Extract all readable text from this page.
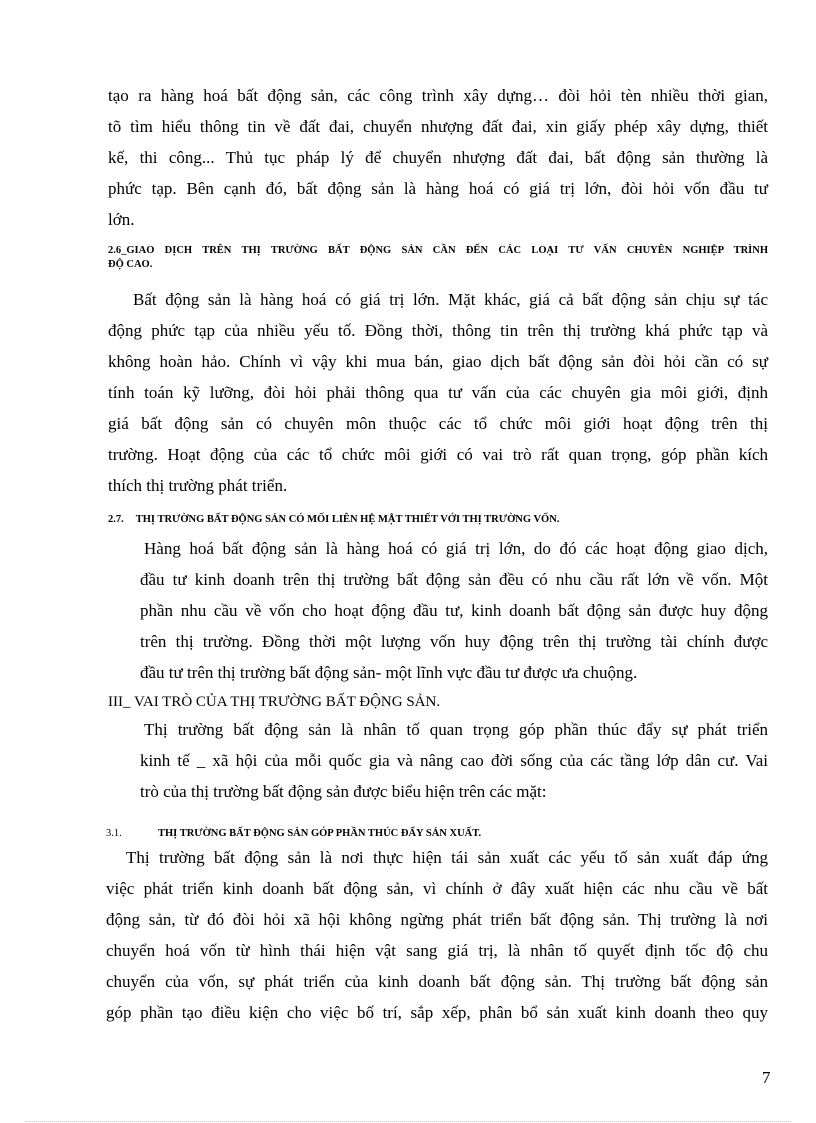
tạo ra hàng hoá bất động sản, các công trình xây dựng… đòi hỏi tèn nhiều thời gian,
tõ tìm hiểu thông tin về đất đai, chuyển nhượng đất đai, xin giấy phép xây dựng, thiết
kế, thi công... Thủ tục pháp lý để chuyển nhượng đất đai, bất động sản thường là
phức tạp. Bên cạnh đó, bất động sản là hàng hoá có giá trị lớn, đòi hỏi vốn đầu tư
lớn.
2.6_GIAO DỊCH TRÊN THỊ TRƯỜNG BẤT ĐỘNG SẢN CẦN ĐẾN CÁC LOẠI TƯ VẤN CHUYÊN NGHIỆP TRÌNH
ĐỘ CAO.
Bất động sản là hàng hoá có giá trị lớn. Mặt khác, giá cả bất động sản chịu sự tác
động phức tạp của nhiều yếu tố. Đồng thời, thông tin trên thị trường khá phức tạp và
không hoàn hảo. Chính vì vậy khi mua bán, giao dịch bất động sản đòi hỏi cần có sự
tính toán kỹ lưỡng, đòi hỏi phải thông qua tư vấn của các chuyên gia môi giới, định
giá bất động sản có chuyên môn thuộc các tổ chức môi giới hoạt động trên thị
trường. Hoạt động của các tổ chức môi giới có vai trò rất quan trọng, góp phần kích
thích thị trường phát triển.
2.7. THỊ TRƯỜNG BẤT ĐỘNG SẢN CÓ MỐI LIÊN HỆ MẬT THIẾT VỚI THỊ TRƯỜNG VỐN.
Hàng hoá bất động sản là hàng hoá có giá trị lớn, do đó các hoạt động giao dịch,
đầu tư kinh doanh trên thị trường bất động sản đều có nhu cầu rất lớn về vốn. Một
phần nhu cầu về vốn cho hoạt động đầu tư, kinh doanh bất động sản được huy động
trên thị trường. Đồng thời một lượng vốn huy động trên thị trường tài chính được
đầu tư trên thị trường bất động sản- một lĩnh vực đầu tư được ưa chuộng.
III_ VAI TRÒ CỦA THỊ TRƯỜNG BẤT ĐỘNG SẢN.
Thị trường bất động sản là nhân tố quan trọng góp phần thúc đẩy sự phát triển
kinh tế _ xã hội của mỗi quốc gia và nâng cao đời sống của các tầng lớp dân cư. Vai
trò của thị trường bất động sản được biểu hiện trên các mặt:
3.1.	THỊ TRƯỜNG BẤT ĐỘNG SẢN GÓP PHẦN THÚC ĐẨY SẢN XUẤT.
Thị trường bất động sản là nơi thực hiện tái sản xuất các yếu tố sản xuất đáp ứng
việc phát triển kinh doanh bất động sản, vì chính ở đây xuất hiện các nhu cầu về bất
động sản, từ đó đòi hỏi xã hội không ngừng phát triển bất động sản. Thị trường là nơi
chuyển hoá vốn từ hình thái hiện vật sang giá trị, là nhân tố quyết định tốc độ chu
chuyển của vốn, sự phát triển của kinh doanh bất động sản. Thị trường bất động sản
góp phần tạo điều kiện cho việc bố trí, sắp xếp, phân bổ sản xuất kinh doanh theo quy
7
